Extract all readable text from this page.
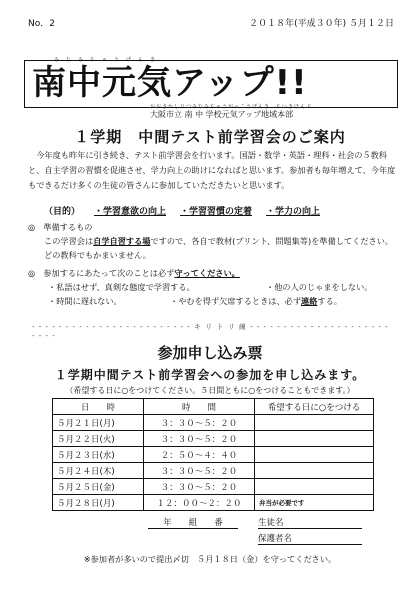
No．2	２０１８年(平成３０年) ５月１２日
みなみちゅうげんき
南中元気アップ!!
おおさかしりつみなみちゅうがっこうげんき　ちいきほんぶ
大阪市立 南 中 学校元気アップ地域本部
１学期　中間テスト前学習会のご案内
今年度も昨年に引き続き、テスト前学習会を行います。国語・数学・英語・理科・社会の５教科と、自主学習の習慣を促進させ、学力向上の助けになればと思います。参加者も毎年増えて、今年度もできるだけ多くの生徒の皆さんに参加していただきたいと思います。
（目的） ・学習意欲の向上 ・学習習慣の定着 ・学力の向上
◎　準備するもの
この学習会は自学自習する場ですので、各自で教材(プリント、問題集等)を準備してください。どの教科でもかまいません。
◎　参加するにあたって次のことは必ず守ってください。
・私語はせず、真剣な態度で学習する。	・他の人のじゃまをしない。
・時間に遅れない。	・やむを得ず欠席するときは、必ず連絡する。
- - - - - - - - - - - - - - - - - - - - - - - - キ リ ト リ 線 - - - - - - - - - - - - - - - - - - - - - - - - -
参加申し込み票
１学期中間テスト前学習会への参加を申し込みます。
（希望する日に○をつけてください。５日間ともに○をつけることもできます。）
日　　時	時　　間	希望する日に○をつける
５月２１日(月)	３：３０～５：２０	
５月２２日(火)	３：３０～５：２０	
５月２３日(水)	２：５０～４：４０	
５月２４日(木)	３：３０～５：２０	
５月２５日(金)	３：３０～５：２０	
５月２８日(月)	１２：００～２：２０	弁当が必要です
年　　組　　番	生徒名
保護者名
※参加者が多いので提出〆切　５月１８日（金）を守ってください。
